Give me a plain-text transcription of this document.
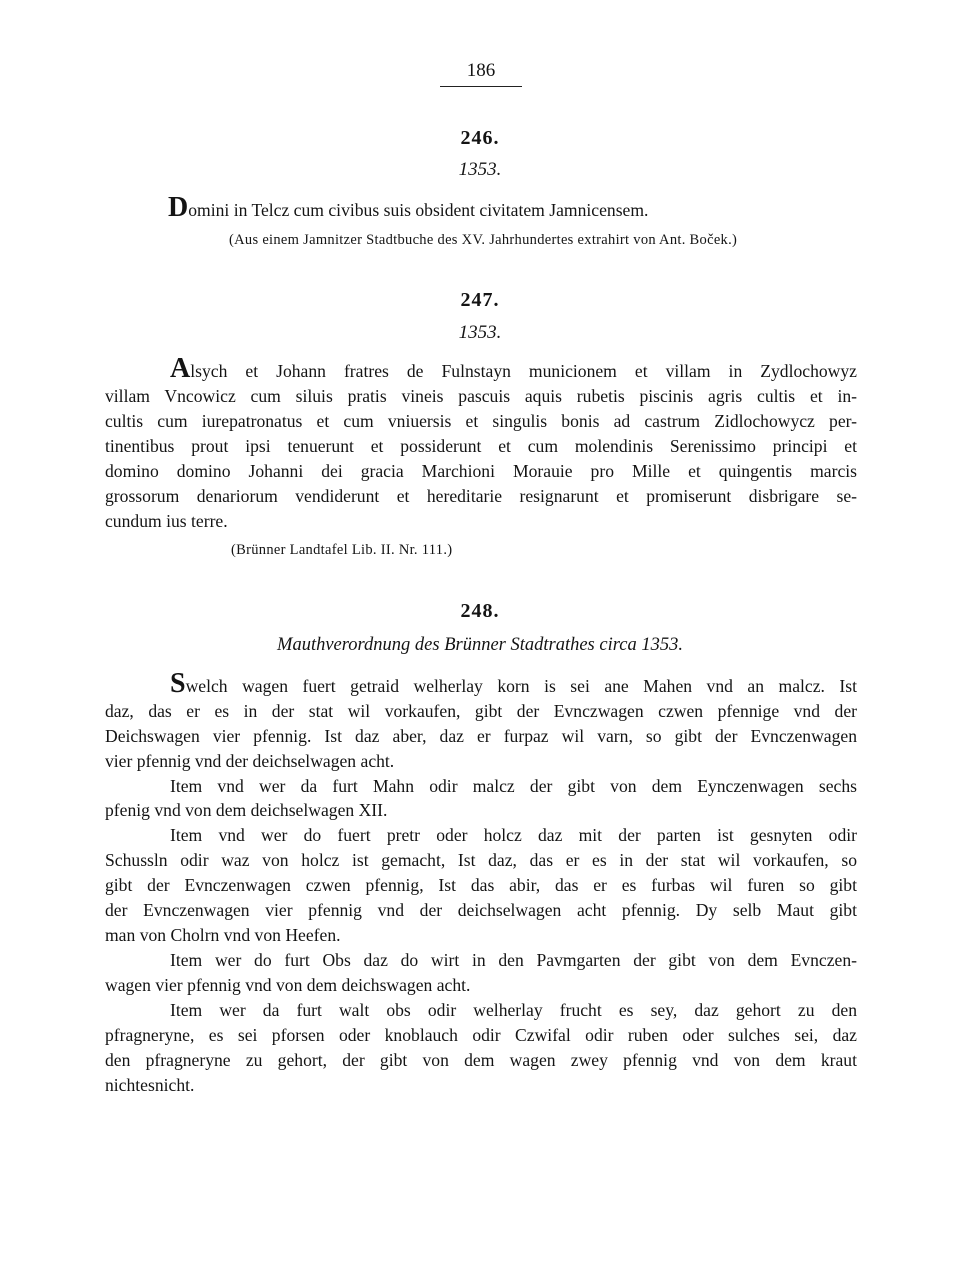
186
246.
1353.
Domini in Telcz cum civibus suis obsident civitatem Jamnicensem.
(Aus einem Jamnitzer Stadtbuche des XV. Jahrhundertes extrahirt von Ant. Boček.)
247.
1353.
Alsych et Johann fratres de Fulnstayn municionem et villam in Zydlochowyz
villam Vncowicz cum siluis pratis vineis pascuis aquis rubetis piscinis agris cultis et in-
cultis cum iurepatronatus et cum vniuersis et singulis bonis ad castrum Zidlochowycz per-
tinentibus prout ipsi tenuerunt et possiderunt et cum molendinis Serenissimo principi et
domino domino Johanni dei gracia Marchioni Morauie pro Mille et quingentis marcis
grossorum denariorum vendiderunt et hereditarie resignarunt et promiserunt disbrigare se-
cundum ius terre.
(Brünner Landtafel Lib. II. Nr. 111.)
248.
Mauthverordnung des Brünner Stadtrathes circa 1353.
Swelch wagen fuert getraid welherlay korn is sei ane Mahen vnd an malcz. Ist
daz, das er es in der stat wil vorkaufen, gibt der Evnczwagen czwen pfennige vnd der
Deichswagen vier pfennig. Ist daz aber, daz er furpaz wil varn, so gibt der Evnczenwagen
vier pfennig vnd der deichselwagen acht.
Item vnd wer da furt Mahn odir malcz der gibt von dem Eynczenwagen sechs
pfenig vnd von dem deichselwagen XII.
Item vnd wer do fuert pretr oder holcz daz mit der parten ist gesnyten odir
Schussln odir waz von holcz ist gemacht, Ist daz, das er es in der stat wil vorkaufen, so
gibt der Evnczenwagen czwen pfennig, Ist das abir, das er es furbas wil furen so gibt
der Evnczenwagen vier pfennig vnd der deichselwagen acht pfennig. Dy selb Maut gibt
man von Cholrn vnd von Heefen.
Item wer do furt Obs daz do wirt in den Pavmgarten der gibt von dem Evnczen-
wagen vier pfennig vnd von dem deichswagen acht.
Item wer da furt walt obs odir welherlay frucht es sey, daz gehort zu den
pfragneryne, es sei pforsen oder knoblauch odir Czwifal odir ruben oder sulches sei, daz
den pfragneryne zu gehort, der gibt von dem wagen zwey pfennig vnd von dem kraut
nichtesnicht.
